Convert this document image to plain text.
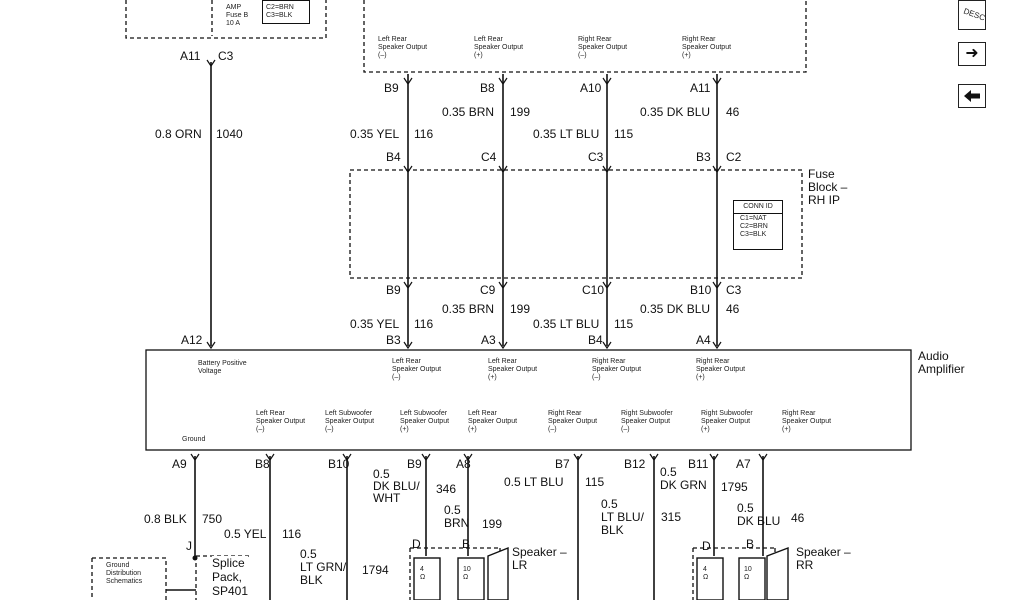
AMP
Fuse B
10 A
C2=BRN
C3=BLK
Left Rear
Speaker Output
(–)
Left Rear
Speaker Output
(+)
Right Rear
Speaker Output
(–)
Right Rear
Speaker Output
(+)
A11 C3
B9	B8	A10	A11
0.8 ORN 1040
0.35 BRN 199	0.35 DK BLU 46
0.35 YEL 116	0.35 LT BLU 115
B4	C4	C3	B3 C2
Fuse
Block –
RH IP
CONN ID
C1=NAT
C2=BRN
C3=BLK
B9	C9	C10	B10 C3
0.35 BRN 199	0.35 DK BLU 46
0.35 YEL 116	0.35 LT BLU 115
A12	B3	A3	B4	A4
Audio
Amplifier
Battery Positive
Voltage
Left Rear
Speaker Output
(–)
Left Rear
Speaker Output
(+)
Right Rear
Speaker Output
(–)
Right Rear
Speaker Output
(+)
Ground
Left Rear
Speaker Output
(–)
Left Subwoofer
Speaker Output
(–)
Left Subwoofer
Speaker Output
(+)
Left Rear
Speaker Output
(+)
Right Rear
Speaker Output
(–)
Right Subwoofer
Speaker Output
(–)
Right Subwoofer
Speaker Output
(+)
Right Rear
Speaker Output
(+)
A9	B8	B10	B9	A8	B7	B12	B11 A7
0.8 BLK 750
0.5 YEL 116
0.5
LT GRN/
BLK
1794
0.5
DK BLU/
WHT
346
0.5
BRN 199
0.5 LT BLU 115
0.5
LT BLU/
BLK
315
0.5
DK GRN 1795
0.5
DK BLU 46
J	D	B	D	B
Splice
Pack,
SP401
Ground
Distribution
Schematics
Speaker –
LR
Speaker –
RR
4
Ω
10
Ω
4
Ω
10
Ω
DESC
➜
